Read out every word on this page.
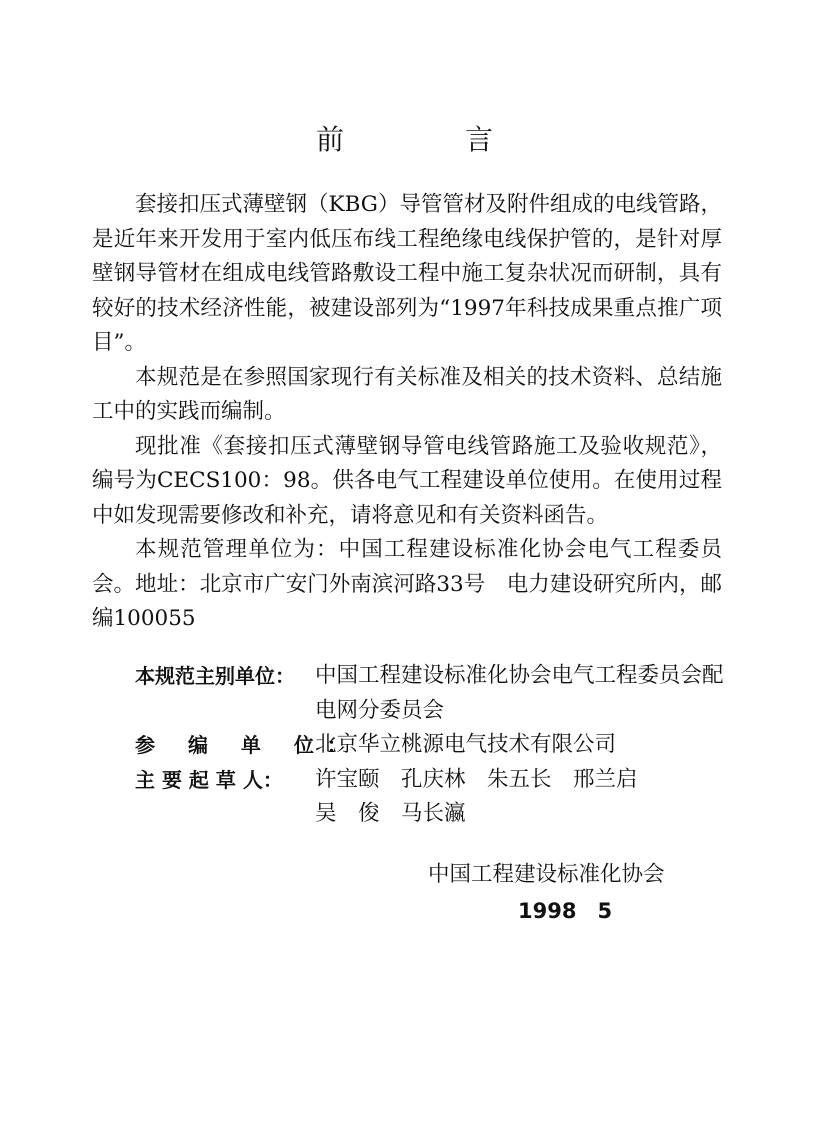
前	言

套接扣压式薄壁钢（KBG）导管管材及附件组成的电线管路，是近年来开发用于室内低压布线工程绝缘电线保护管的，是针对厚壁钢导管材在组成电线管路敷设工程中施工复杂状况而研制，具有较好的技术经济性能，被建设部列为“1997年科技成果重点推广项目”。

本规范是在参照国家现行有关标准及相关的技术资料、总结施工中的实践而编制。

现批准《套接扣压式薄壁钢导管电线管路施工及验收规范》，编号为CECS100：98。供各电气工程建设单位使用。在使用过程中如发现需要修改和补充，请将意见和有关资料函告。

本规范管理单位为：中国工程建设标准化协会电气工程委员会。地址：北京市广安门外南滨河路33号　电力建设研究所内，邮编100055

本规范主别单位： 中国工程建设标准化协会电气工程委员会配电网分委员会
参 编 单 位：
北京华立桃源电气技术有限公司
主 要 起 草 人：	许宝颐　孔庆林　朱五长　邢兰启
吴　俊　马长瀛
中国工程建设标准化协会
1998　5
